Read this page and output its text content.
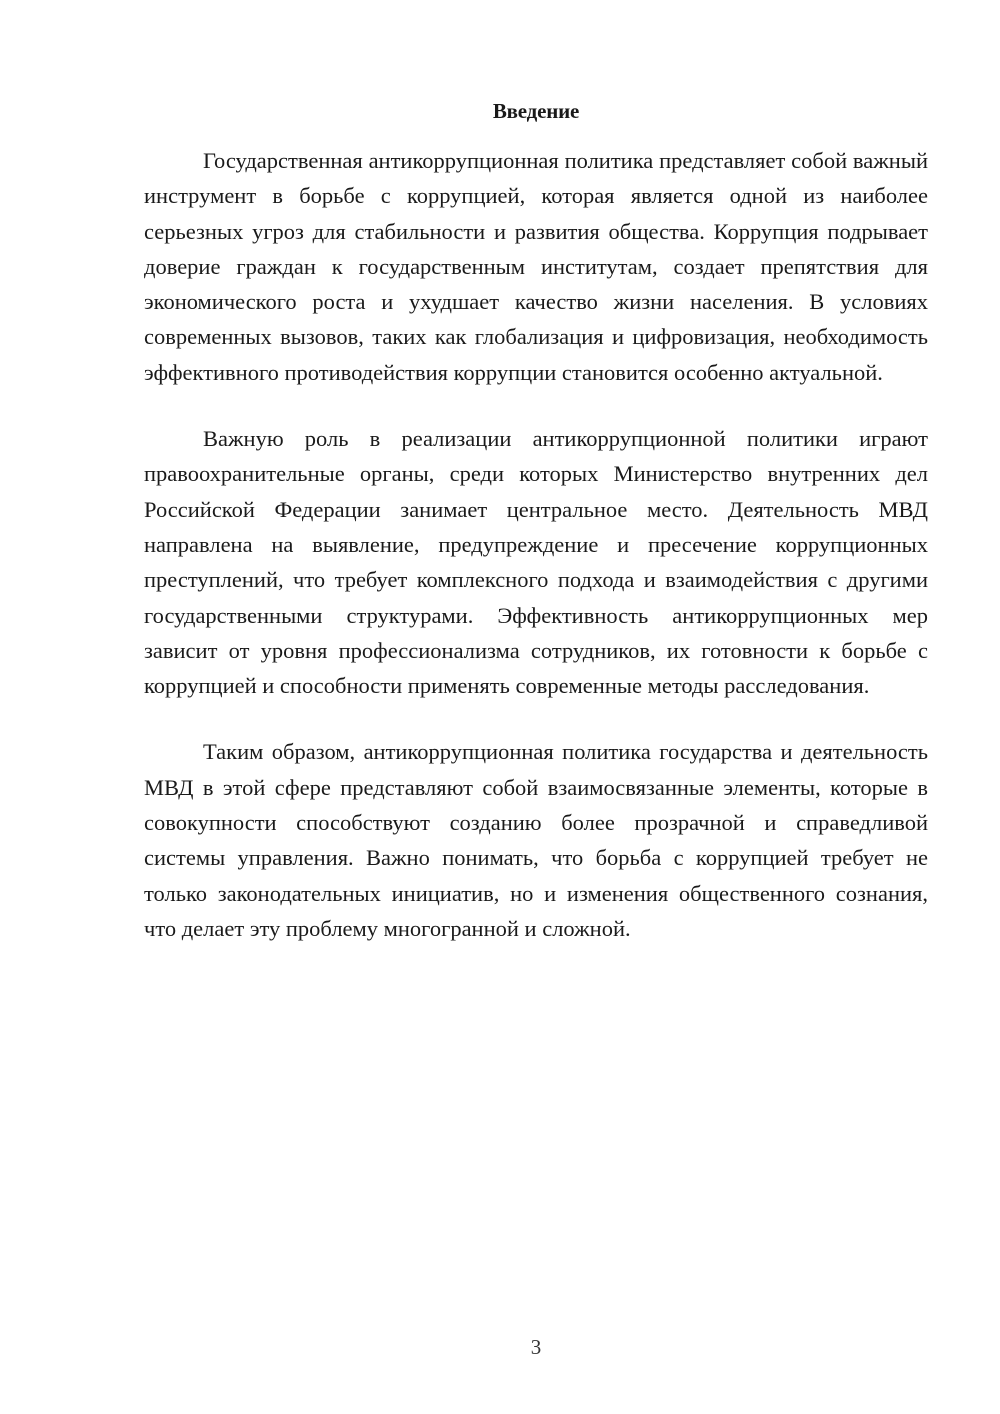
Введение

Государственная антикоррупционная политика представляет собой важный инструмент в борьбе с коррупцией, которая является одной из наиболее серьезных угроз для стабильности и развития общества. Коррупция подрывает доверие граждан к государственным институтам, создает препятствия для экономического роста и ухудшает качество жизни населения. В условиях современных вызовов, таких как глобализация и цифровизация, необходимость эффективного противодействия коррупции становится особенно актуальной.

Важную роль в реализации антикоррупционной политики играют правоохранительные органы, среди которых Министерство внутренних дел Российской Федерации занимает центральное место. Деятельность МВД направлена на выявление, предупреждение и пресечение коррупционных преступлений, что требует комплексного подхода и взаимодействия с другими государственными структурами. Эффективность антикоррупционных мер зависит от уровня профессионализма сотрудников, их готовности к борьбе с коррупцией и способности применять современные методы расследования.

Таким образом, антикоррупционная политика государства и деятельность МВД в этой сфере представляют собой взаимосвязанные элементы, которые в совокупности способствуют созданию более прозрачной и справедливой системы управления. Важно понимать, что борьба с коррупцией требует не только законодательных инициатив, но и изменения общественного сознания, что делает эту проблему многогранной и сложной.

3
